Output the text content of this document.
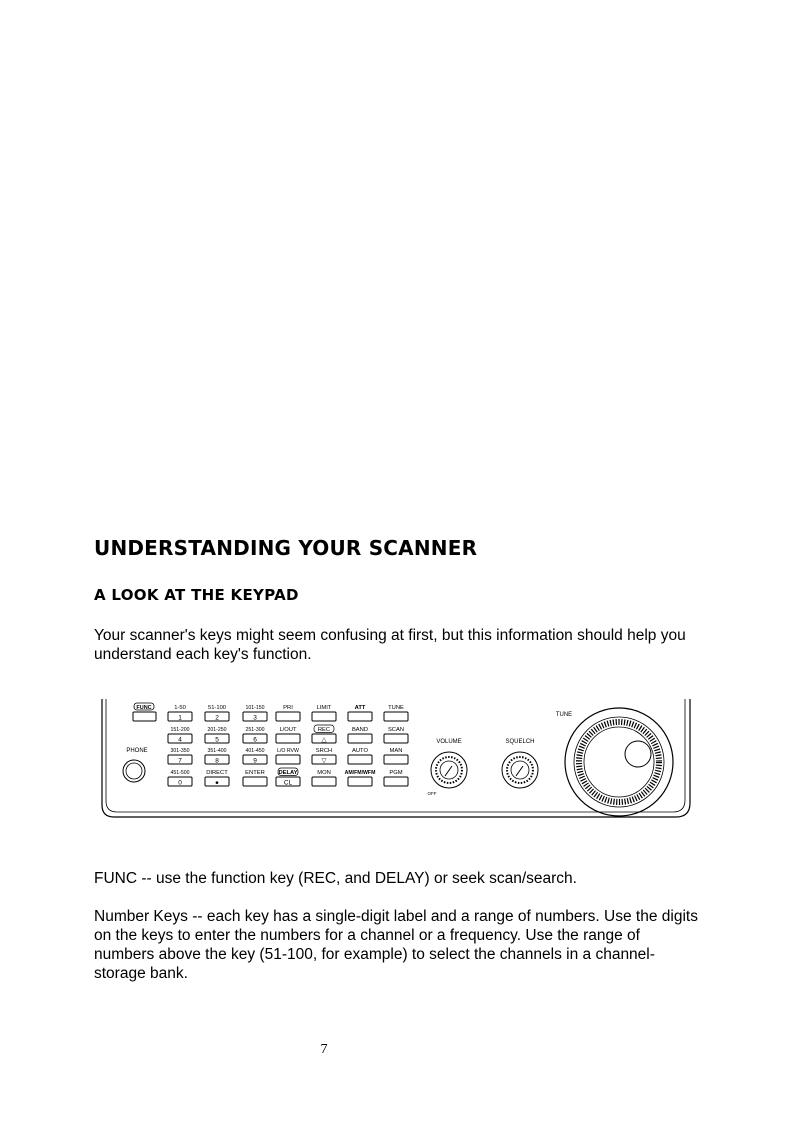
UNDERSTANDING YOUR SCANNER
A LOOK AT THE KEYPAD

Your scanner's keys might seem confusing at first, but this information should help you understand each key's function.

FUNC
PHONE
1-50
1
51-100
2
101-150
3
PRI	LIMIT	ATT	TUNE
151-200
4
201-250
5
251-300
6
L/OUT	REC
△
BAND	SCAN
301-350
7
351-400
8
401-450
9
L/O RVW	SRCH
▽
AUTO	MAN
451-500
0
DIRECT
●
ENTER DELAY
CL
MON	AM/FM/WFM PGM
VOLUME
OFF
SQUELCH
TUNE

FUNC -- use the function key (REC, and DELAY) or seek scan/search.

Number Keys -- each key has a single-digit label and a range of numbers. Use the digits on the keys to enter the numbers for a channel or a frequency. Use the range of numbers above the key (51-100, for example) to select the channels in a channel-storage bank.

7
